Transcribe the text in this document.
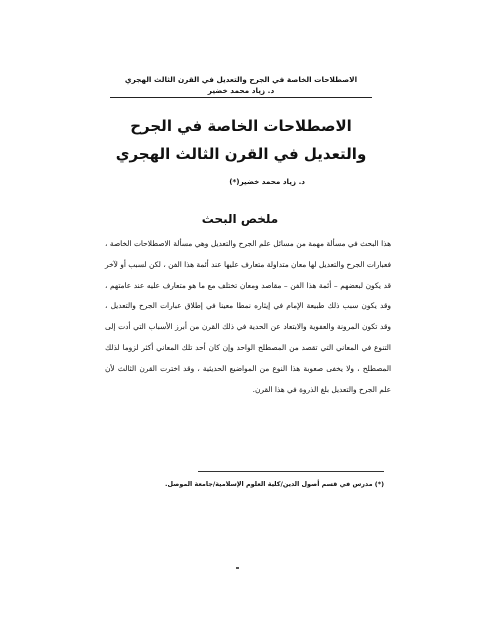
الاصطلاحات الخاصة في الجرح والتعديل في القرن الثالث الهجري
د. زياد محمد خضير
الاصطلاحات الخاصة في الجرح والتعديل في القرن الثالث الهجري
د. زياد محمد خضير(*)
ملخص البحث

هذا البحث في مسألة مهمة من مسائل علم الجرح والتعديل وهي مسألة الاصطلاحات الخاصة ، فعبارات الجرح والتعديل لها معان متداولة متعارف عليها عند أئمة هذا الفن ، لكن لسبب أو لآخر قد يكون لبعضهم – أئمة هذا الفن – مقاصد ومعان تختلف مع ما هو متعارف عليه عند عامتهم ، وقد يكون سبب ذلك طبيعة الإمام في إيثاره نمطا معينا في إطلاق عبارات الجرح والتعديل ، وقد تكون المرونة والعفوية والابتعاد عن الحدية في ذلك القرن من أبرز الأسباب التي أدت إلى التنوع في المعاني التي تقصد من المصطلح الواحد وإن كان أحد تلك المعاني أكثر لزوما لذلك المصطلح ، ولا يخفى صعوبة هذا النوع من المواضيع الحديثية ، وقد اخترت القرن الثالث لأن علم الجرح والتعديل بلغ الذروة في هذا القرن.

(*) مدرس في قسم أصول الدين/كلية العلوم الإسلامية/جامعة الموصل.
